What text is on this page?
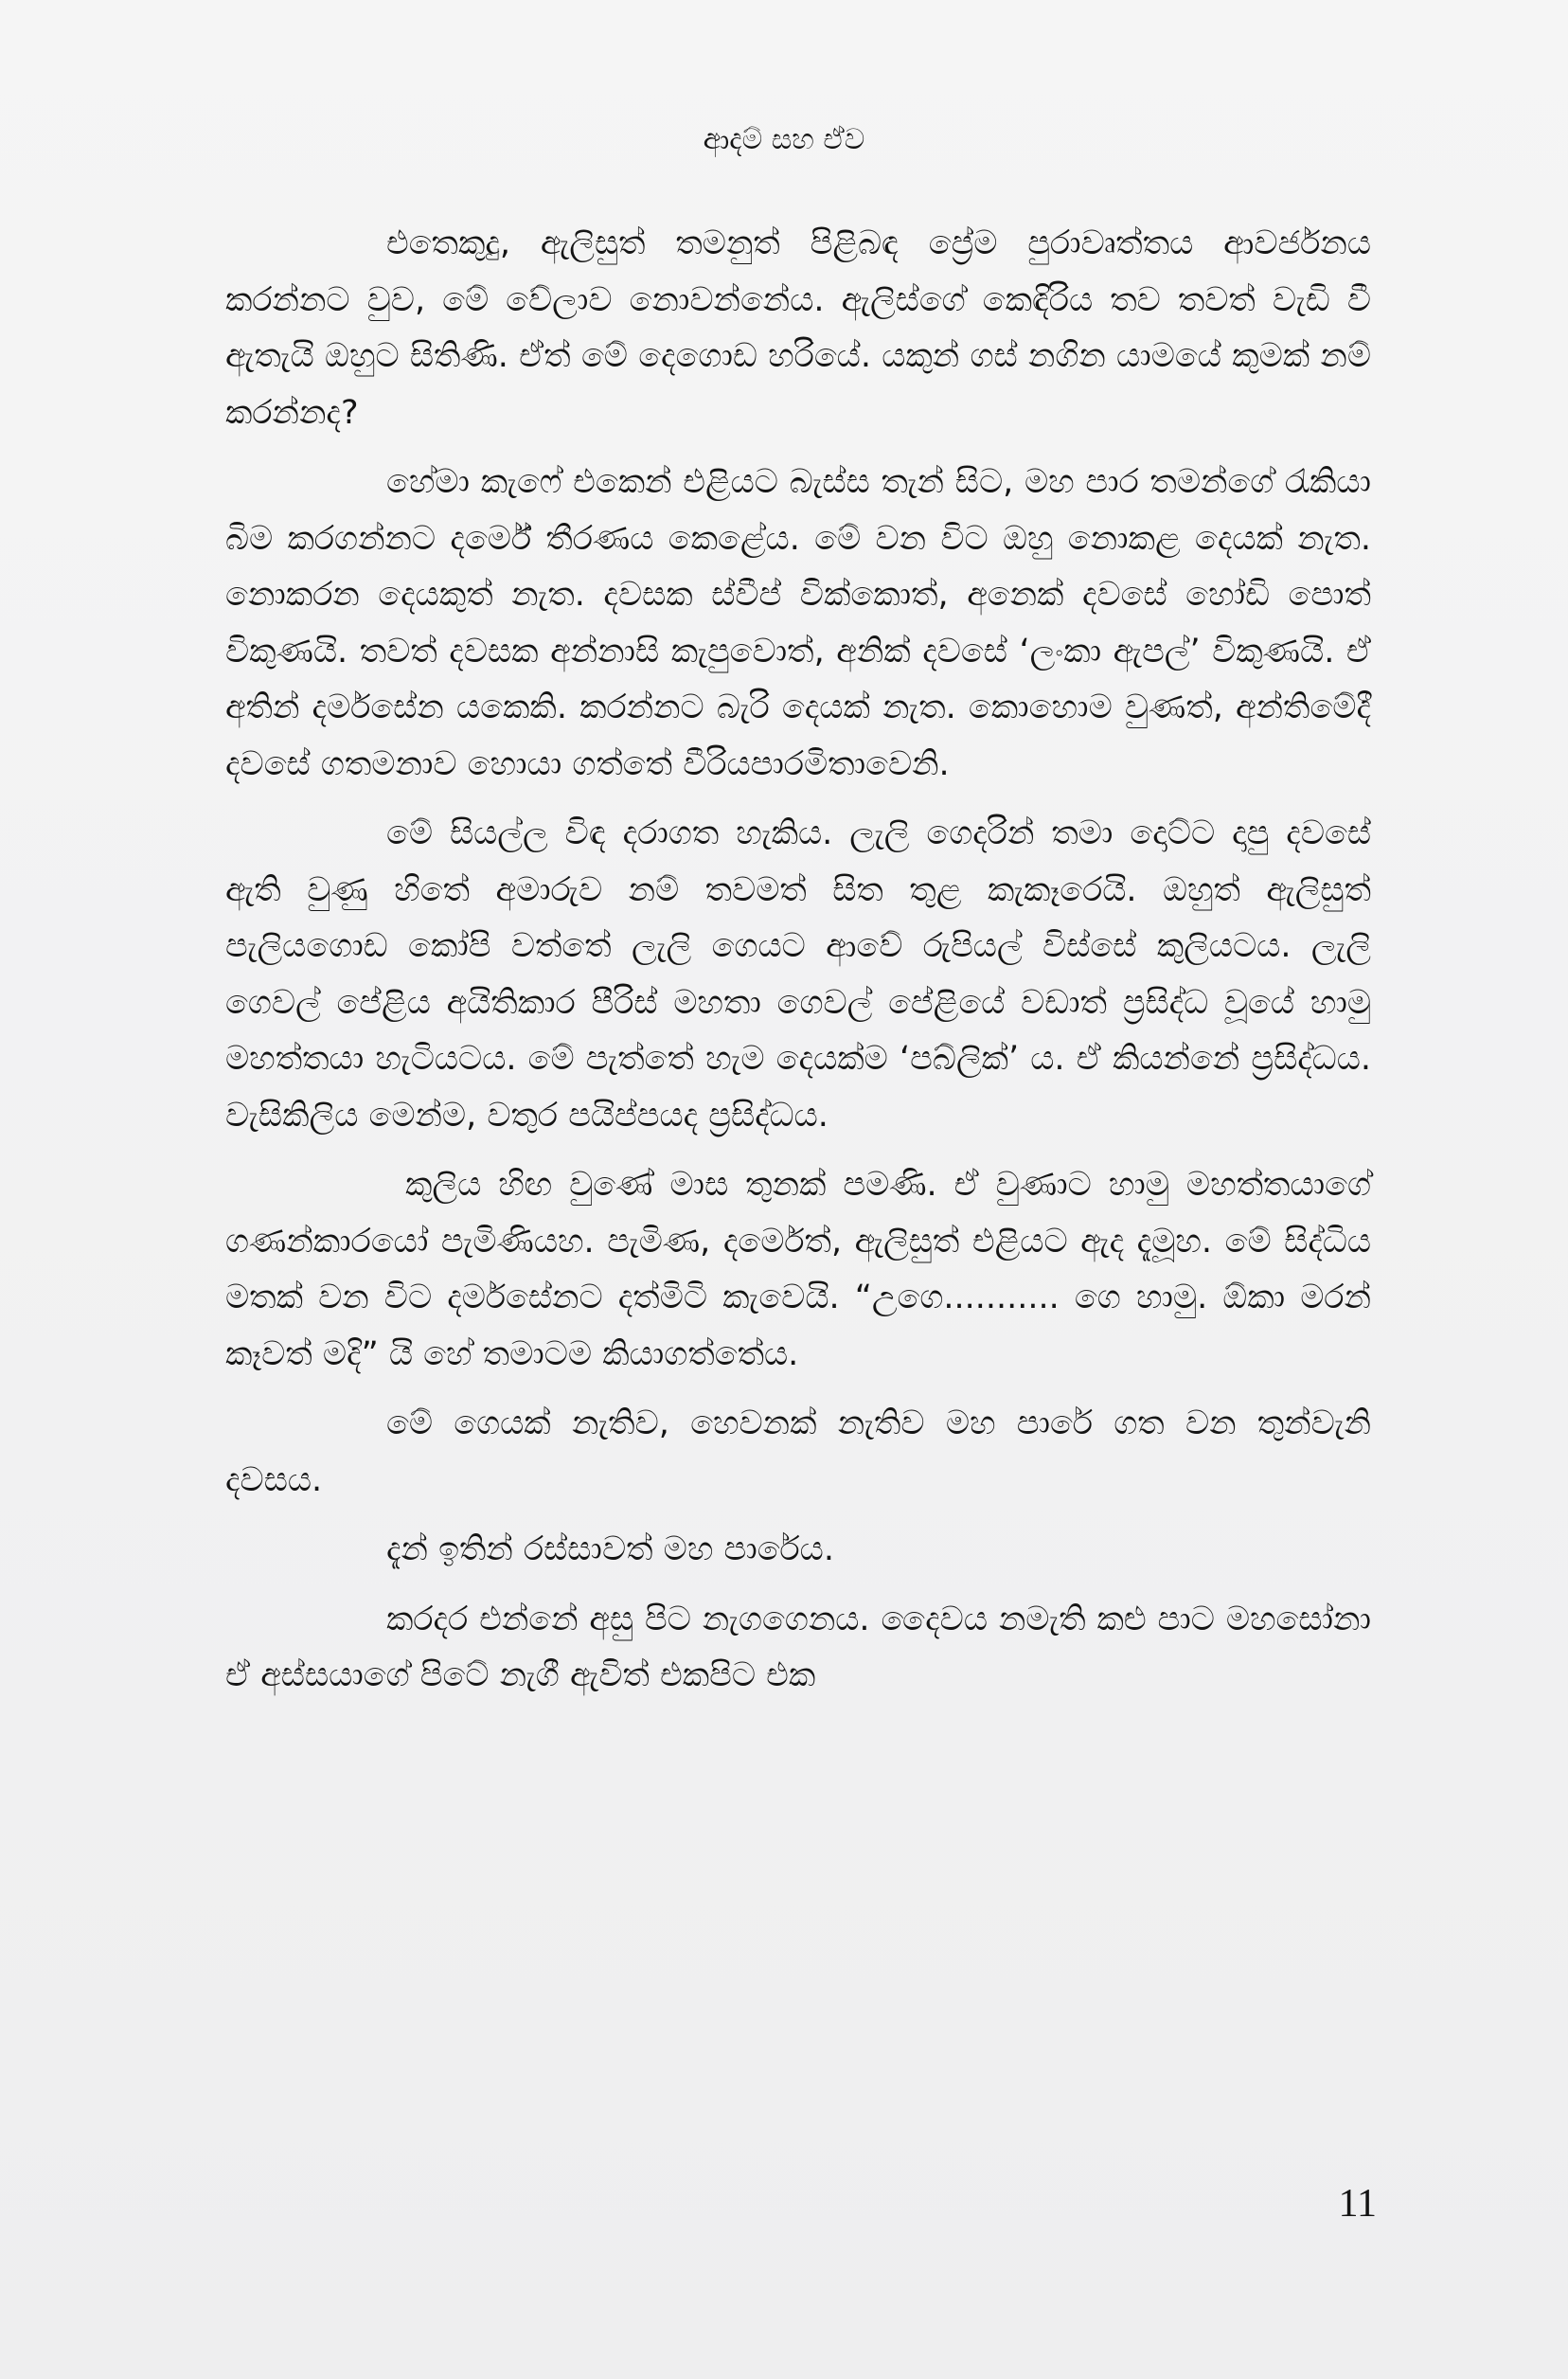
ආදම් සහ ඒව

එතෙකුදු, ඇලිසුත් තමනුත් පිළිබඳ ප්‍රේම පුරාවෘත්තය ආවර්ජනය කරන්නට වුව, මේ වේලාව නොවන්නේය. ඇලිස්ගේ කෙඳිරිය තව තවත් වැඩි වී ඇතැයි ඔහුට සිතිණි. ඒත් මේ දෙගොඩ හරියේ. යකුන් ගස් නගින යාමයේ කුමක් නම් කරන්නද?

හේමා කැෆේ එකෙන් එළියට බැස්ස තැන් සිට, මහ පාර තමන්ගේ රැකියා බිම කරගන්නට දර්මේ තීරණය කෙළේය. මේ වන විට ඔහු නොකළ දෙයක් නැත. නොකරන දෙයකුත් නැත. දවසක ස්වීප් වික්කොත්, අනෙක් දවසේ හෝඩි පොත් විකුණයි. තවත් දවසක අන්නාසි කැපුවොත්, අනික් දවසේ ‘ලංකා ඇපල්’ විකුණයි. ඒ අතින් දර්මසේන යකෙකි. කරන්නට බැරි දෙයක් නැත. කොහොම වුණත්, අන්තිමේදී දවසේ ගතමනාව හොයා ගත්තේ වීරියපාරමිතාවෙනි.

මේ සියල්ල විඳ දරාගත හැකිය. ලැලි ගෙදරින් තමා දොට්ට දාපු දවසේ ඇති වුණු හිතේ අමාරුව නම් තවමත් සිත තුළ කැකෑරෙයි. ඔහුත් ඇලිසුත් පැලියගොඩ කෝපි වත්තේ ලැලි ගෙයට ආවේ රුපියල් විස්සේ කුලියටය. ලැලි ගෙවල් පේළිය අයිතිකාර පීරිස් මහතා ගෙවල් පේළියේ වඩාත් ප්‍රසිද්ධ වූයේ හාමු මහත්තයා හැටියටය. මේ පැත්තේ හැම දෙයක්ම ‘පබ්ලික්’ ය. ඒ කියන්නේ ප්‍රසිද්ධය. වැසිකිලිය මෙන්ම, වතුර පයිප්පයද ප්‍රසිද්ධය.

කුලිය හිඟ වුණේ මාස තුනක් පමණි. ඒ වුණාට හාමු මහත්තයාගේ ගණන්කාරයෝ පැමිණියහ. පැමිණ, දර්මෙත්, ඇලිසුත් එළියට ඇද දැමූහ. මේ සිද්ධිය මතක් වන විට දර්මසේනට දත්මිටි කැවෙයි. “උගෙ........... ගෙ හාමු. ඕකා මරන් කෑවත් මදි” යි හේ තමාටම කියාගත්තේය.

මේ ගෙයක් නැතිව, හෙවනක් නැතිව මහ පාරේ ගත වන තුන්වැනි දවසය.

දැන් ඉතින් රස්සාවත් මහ පාරේය.

කරදර එන්නේ අසු පිට නැගගෙනය. දෛවය නමැති කළු පාට මහසෝනා ඒ අස්සයාගේ පිටේ නැගී ඇවිත් එකපිට එක

11
